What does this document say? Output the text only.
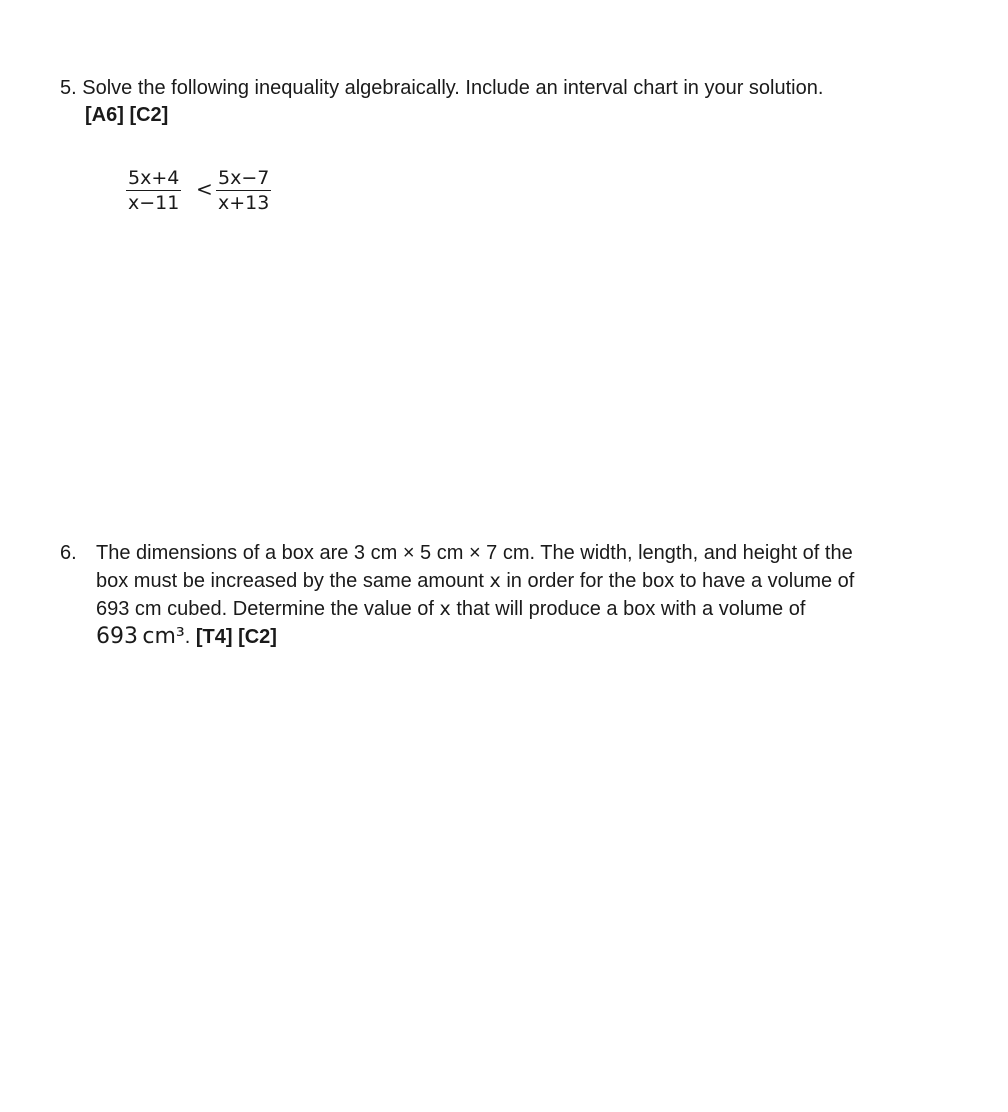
5. Solve the following inequality algebraically. Include an interval chart in your solution.
[A6] [C2]
$\frac{5x+4}{x-11} < \frac{5x-7}{x+13}$
6. The dimensions of a box are 3 cm × 5 cm × 7 cm. The width, length, and height of the
box must be increased by the same amount x in order for the box to have a volume of
693 cm cubed. Determine the value of x that will produce a box with a volume of
693 cm³. [T4] [C2]
